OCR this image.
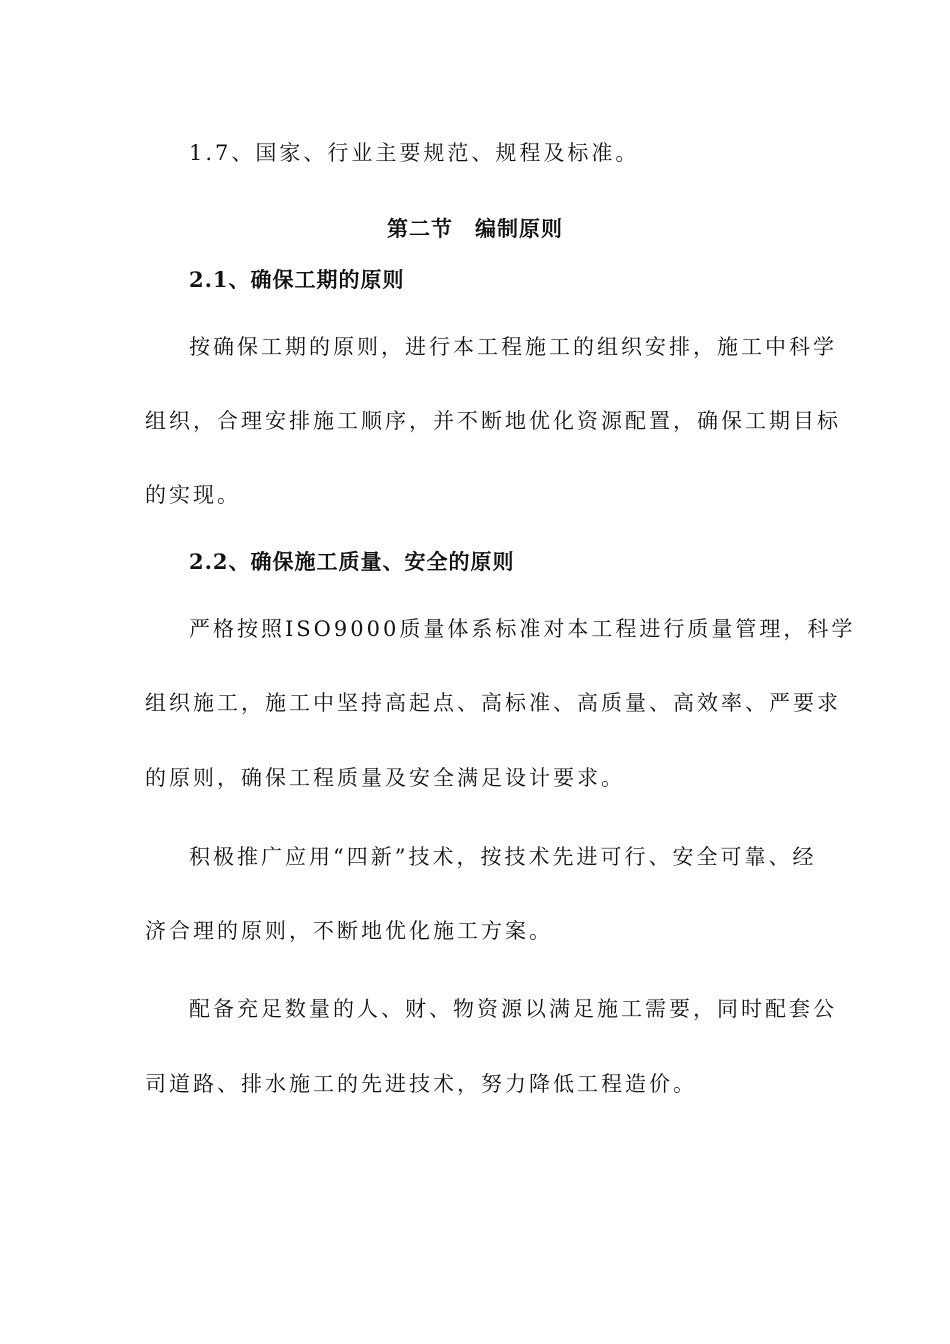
1.7、国家、行业主要规范、规程及标准。
第二节　编制原则
2.1、确保工期的原则
按确保工期的原则，进行本工程施工的组织安排，施工中科学
组织，合理安排施工顺序，并不断地优化资源配置，确保工期目标
的实现。
2.2、确保施工质量、安全的原则
严格按照ISO9000质量体系标准对本工程进行质量管理，科学
组织施工，施工中坚持高起点、高标准、高质量、高效率、严要求
的原则，确保工程质量及安全满足设计要求。
积极推广应用“四新”技术，按技术先进可行、安全可靠、经
济合理的原则，不断地优化施工方案。
配备充足数量的人、财、物资源以满足施工需要，同时配套公
司道路、排水施工的先进技术，努力降低工程造价。
